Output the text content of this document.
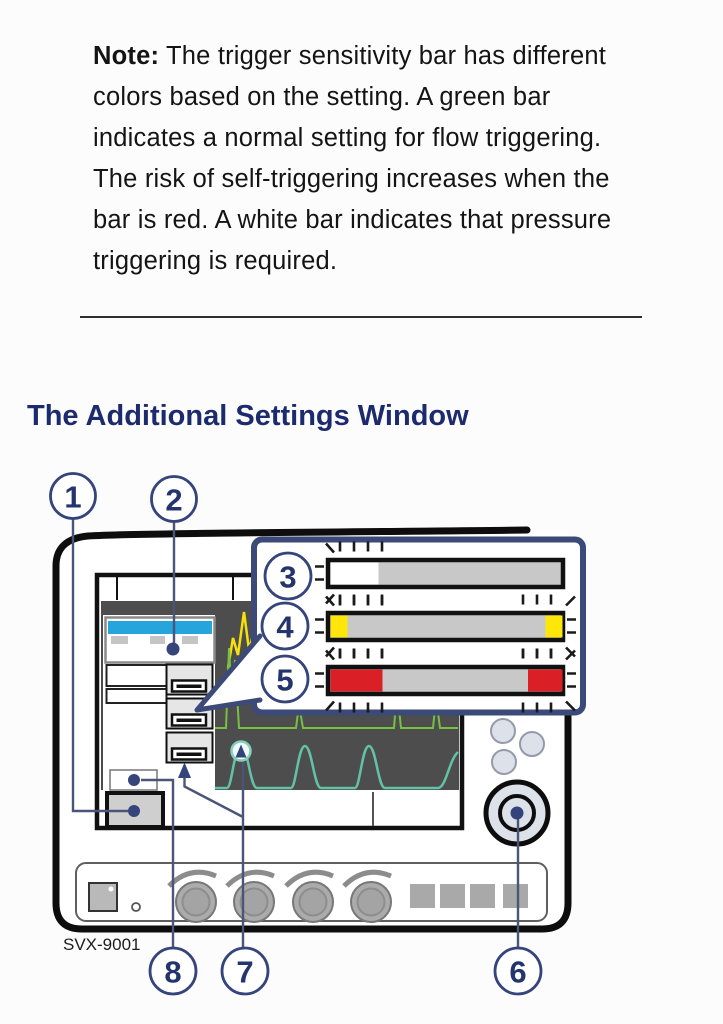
Note: The trigger sensitivity bar has different colors based on the setting. A green bar indicates a normal setting for flow triggering. The risk of self-triggering increases when the bar is red. A white bar indicates that pressure triggering is required.

The Additional Settings Window
SVX-9001
1	2
3
4
5
6
7
8
